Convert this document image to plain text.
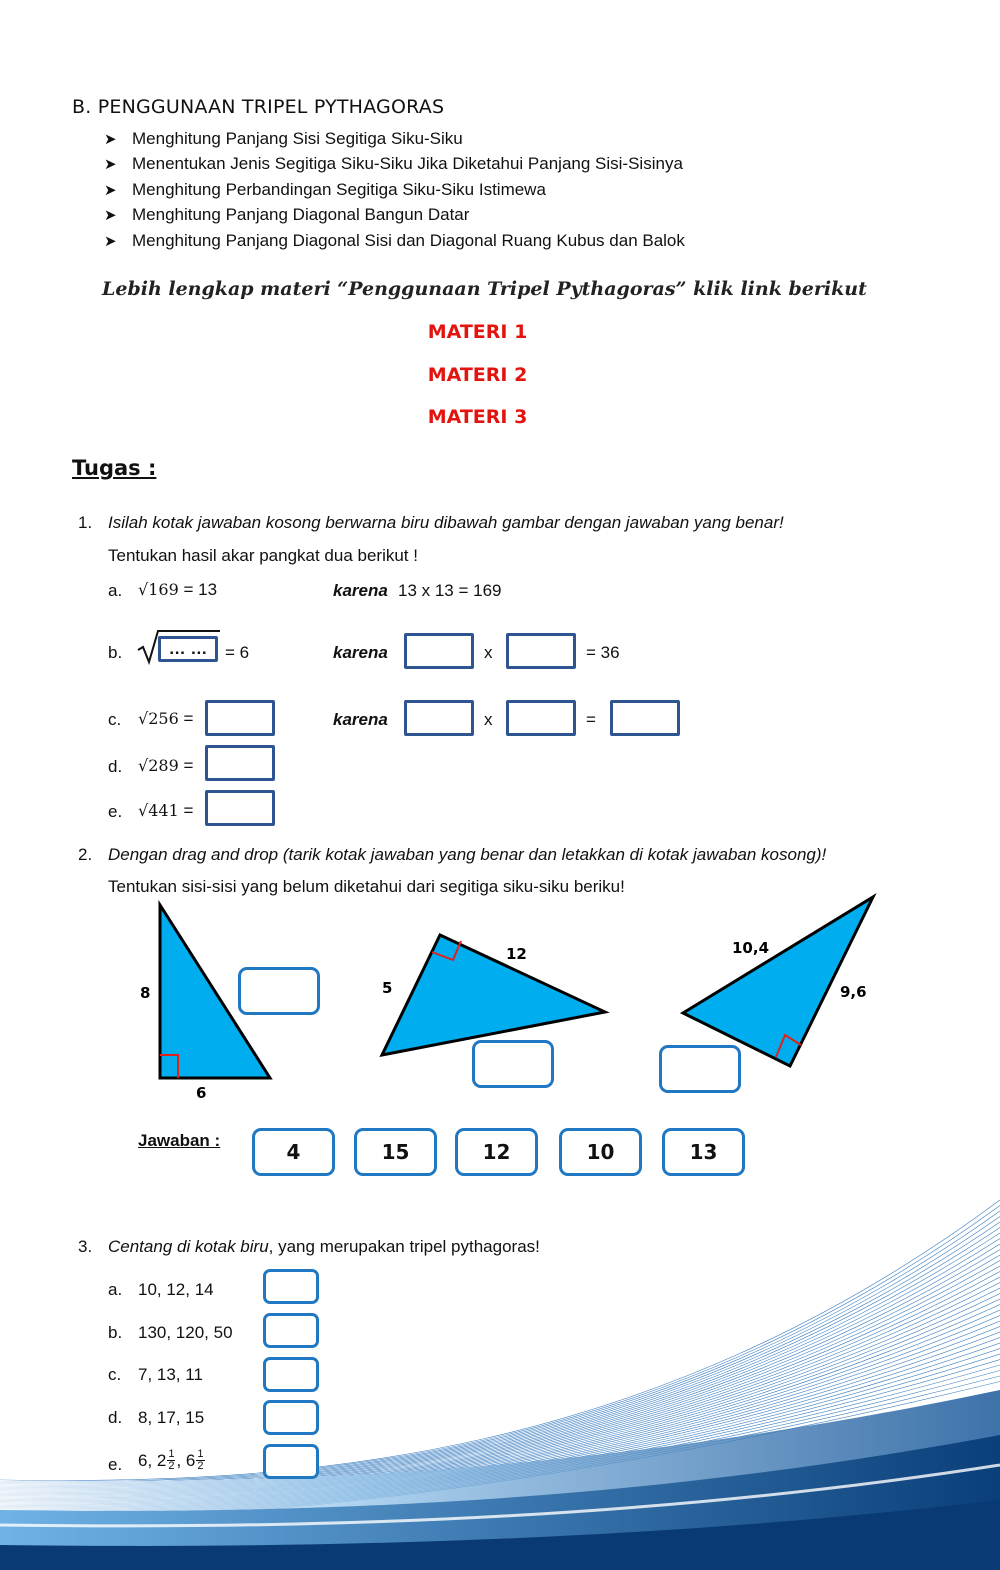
B. PENGGUNAAN TRIPEL PYTHAGORAS
➤ Menghitung Panjang Sisi Segitiga Siku-Siku
➤ Menentukan Jenis Segitiga Siku-Siku Jika Diketahui Panjang Sisi-Sisinya
➤ Menghitung Perbandingan Segitiga Siku-Siku Istimewa
➤ Menghitung Panjang Diagonal Bangun Datar
➤ Menghitung Panjang Diagonal Sisi dan Diagonal Ruang Kubus dan Balok
Lebih lengkap materi “Penggunaan Tripel Pythagoras” klik link berikut
MATERI 1
MATERI 2
MATERI 3
Tugas :
1. Isilah kotak jawaban kosong berwarna biru dibawah gambar dengan jawaban yang benar!
Tentukan hasil akar pangkat dua berikut !
a. √169 = 13	karena 13 x 13 = 169
b.	… …	= 6	karena	x	= 36
c. √256 =	karena	x	=
d. √289 =
e. √441 =
2. Dengan drag and drop (tarik kotak jawaban yang benar dan letakkan di kotak jawaban kosong)!
Tentukan sisi-sisi yang belum diketahui dari segitiga siku-siku beriku!
8
6
5
12	10,4
9,6
Jawaban :	4	15	12	10	13
3. Centang di kotak biru, yang merupakan tripel pythagoras!
a. 10, 12, 14
b. 130, 120, 50
c. 7, 13, 11
d. 8, 17, 15
e. 6, $2 \frac{1}{2}$ , $6 \frac{1}{2}$
